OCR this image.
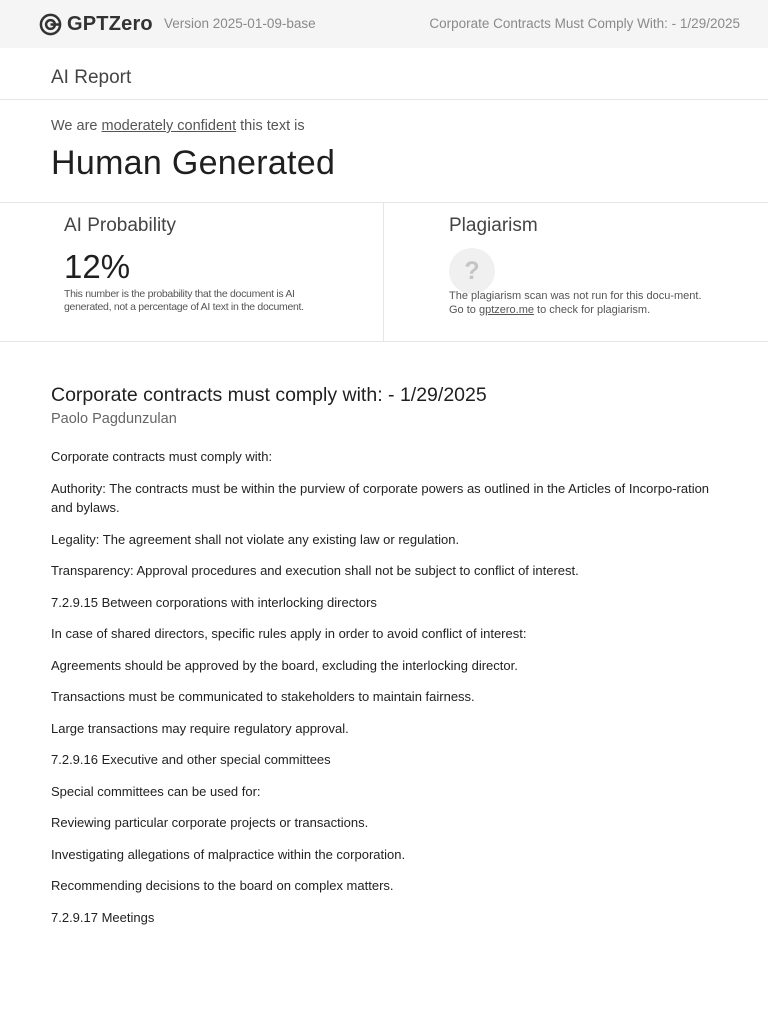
GPTZero Version 2025-01-09-base	Corporate Contracts Must Comply With: - 1/29/2025
AI Report
We are moderately confident this text is
Human Generated
AI Probability
12%
This number is the probability that the document is AI generated, not a percentage of AI text in the document.
Plagiarism
?
The plagiarism scan was not run for this docu-ment. Go to gptzero.me to check for plagiarism.
Corporate contracts must comply with: - 1/29/2025
Paolo Pagdunzulan

Corporate contracts must comply with:

Authority: The contracts must be within the purview of corporate powers as outlined in the Articles of Incorpo-ration and bylaws.

Legality: The agreement shall not violate any existing law or regulation.

Transparency: Approval procedures and execution shall not be subject to conflict of interest.

7.2.9.15 Between corporations with interlocking directors

In case of shared directors, specific rules apply in order to avoid conflict of interest:

Agreements should be approved by the board, excluding the interlocking director.

Transactions must be communicated to stakeholders to maintain fairness.

Large transactions may require regulatory approval.

7.2.9.16 Executive and other special committees

Special committees can be used for:

Reviewing particular corporate projects or transactions.

Investigating allegations of malpractice within the corporation.

Recommending decisions to the board on complex matters.

7.2.9.17 Meetings
